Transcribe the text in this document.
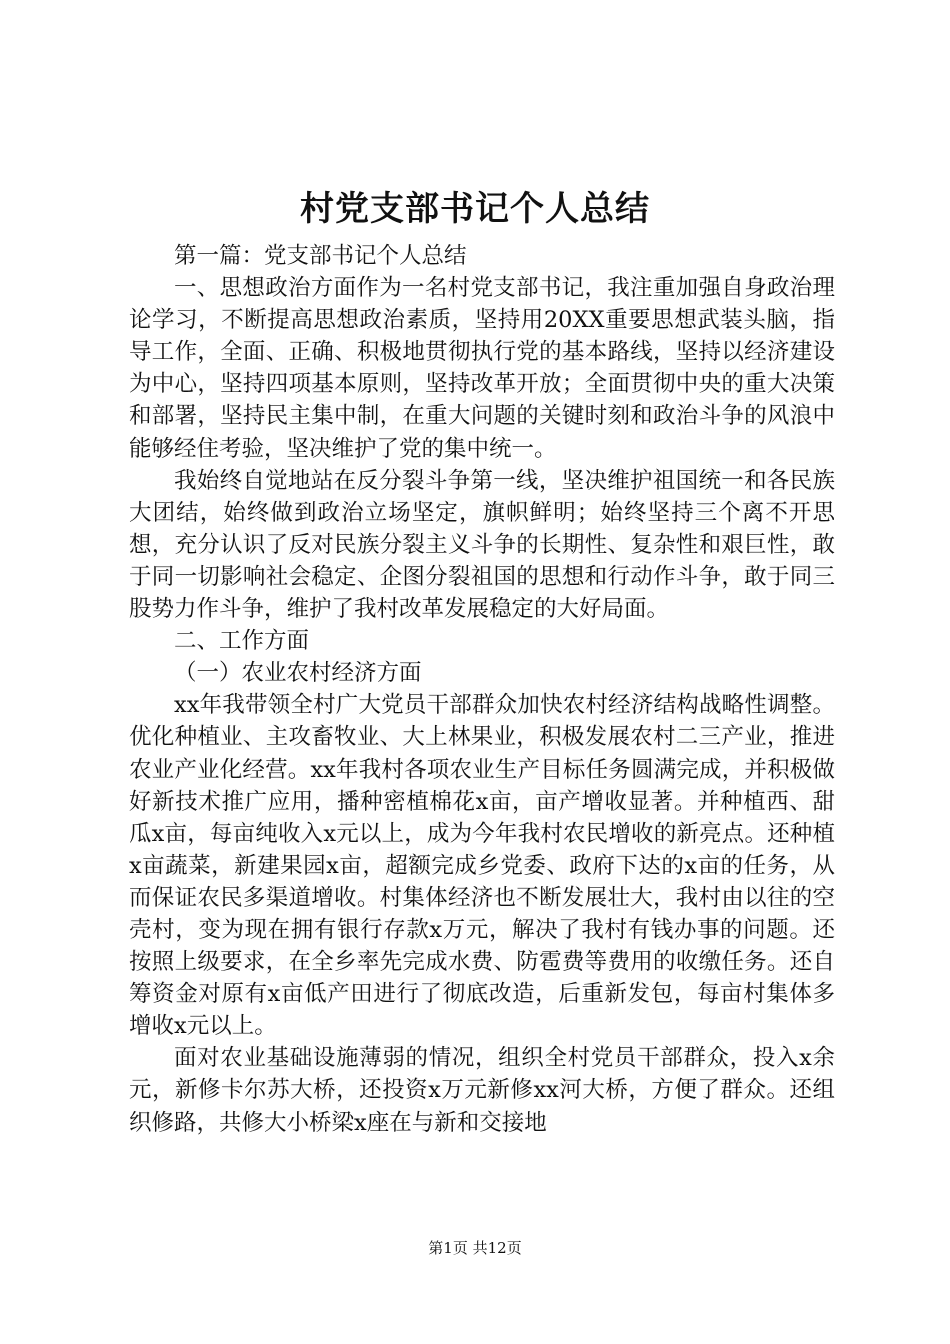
村党支部书记个人总结

第一篇：党支部书记个人总结

一、思想政治方面作为一名村党支部书记，我注重加强自身政治理论学习，不断提高思想政治素质，坚持用20XX重要思想武装头脑，指导工作，全面、正确、积极地贯彻执行党的基本路线，坚持以经济建设为中心，坚持四项基本原则，坚持改革开放；全面贯彻中央的重大决策和部署，坚持民主集中制，在重大问题的关键时刻和政治斗争的风浪中能够经住考验，坚决维护了党的集中统一。

我始终自觉地站在反分裂斗争第一线，坚决维护祖国统一和各民族大团结，始终做到政治立场坚定，旗帜鲜明；始终坚持三个离不开思想，充分认识了反对民族分裂主义斗争的长期性、复杂性和艰巨性，敢于同一切影响社会稳定、企图分裂祖国的思想和行动作斗争，敢于同三股势力作斗争，维护了我村改革发展稳定的大好局面。

二、工作方面

（一）农业农村经济方面

xx年我带领全村广大党员干部群众加快农村经济结构战略性调整。优化种植业、主攻畜牧业、大上林果业，积极发展农村二三产业，推进农业产业化经营。xx年我村各项农业生产目标任务圆满完成，并积极做好新技术推广应用，播种密植棉花x亩，亩产增收显著。并种植西、甜瓜x亩，每亩纯收入x元以上，成为今年我村农民增收的新亮点。还种植x亩蔬菜，新建果园x亩，超额完成乡党委、政府下达的x亩的任务，从而保证农民多渠道增收。村集体经济也不断发展壮大，我村由以往的空壳村，变为现在拥有银行存款x万元，解决了我村有钱办事的问题。还按照上级要求，在全乡率先完成水费、防雹费等费用的收缴任务。还自筹资金对原有x亩低产田进行了彻底改造，后重新发包，每亩村集体多增收x元以上。

面对农业基础设施薄弱的情况，组织全村党员干部群众，投入x余元，新修卡尔苏大桥，还投资x万元新修xx河大桥，方便了群众。还组织修路，共修大小桥梁x座在与新和交接地

第1页 共12页
